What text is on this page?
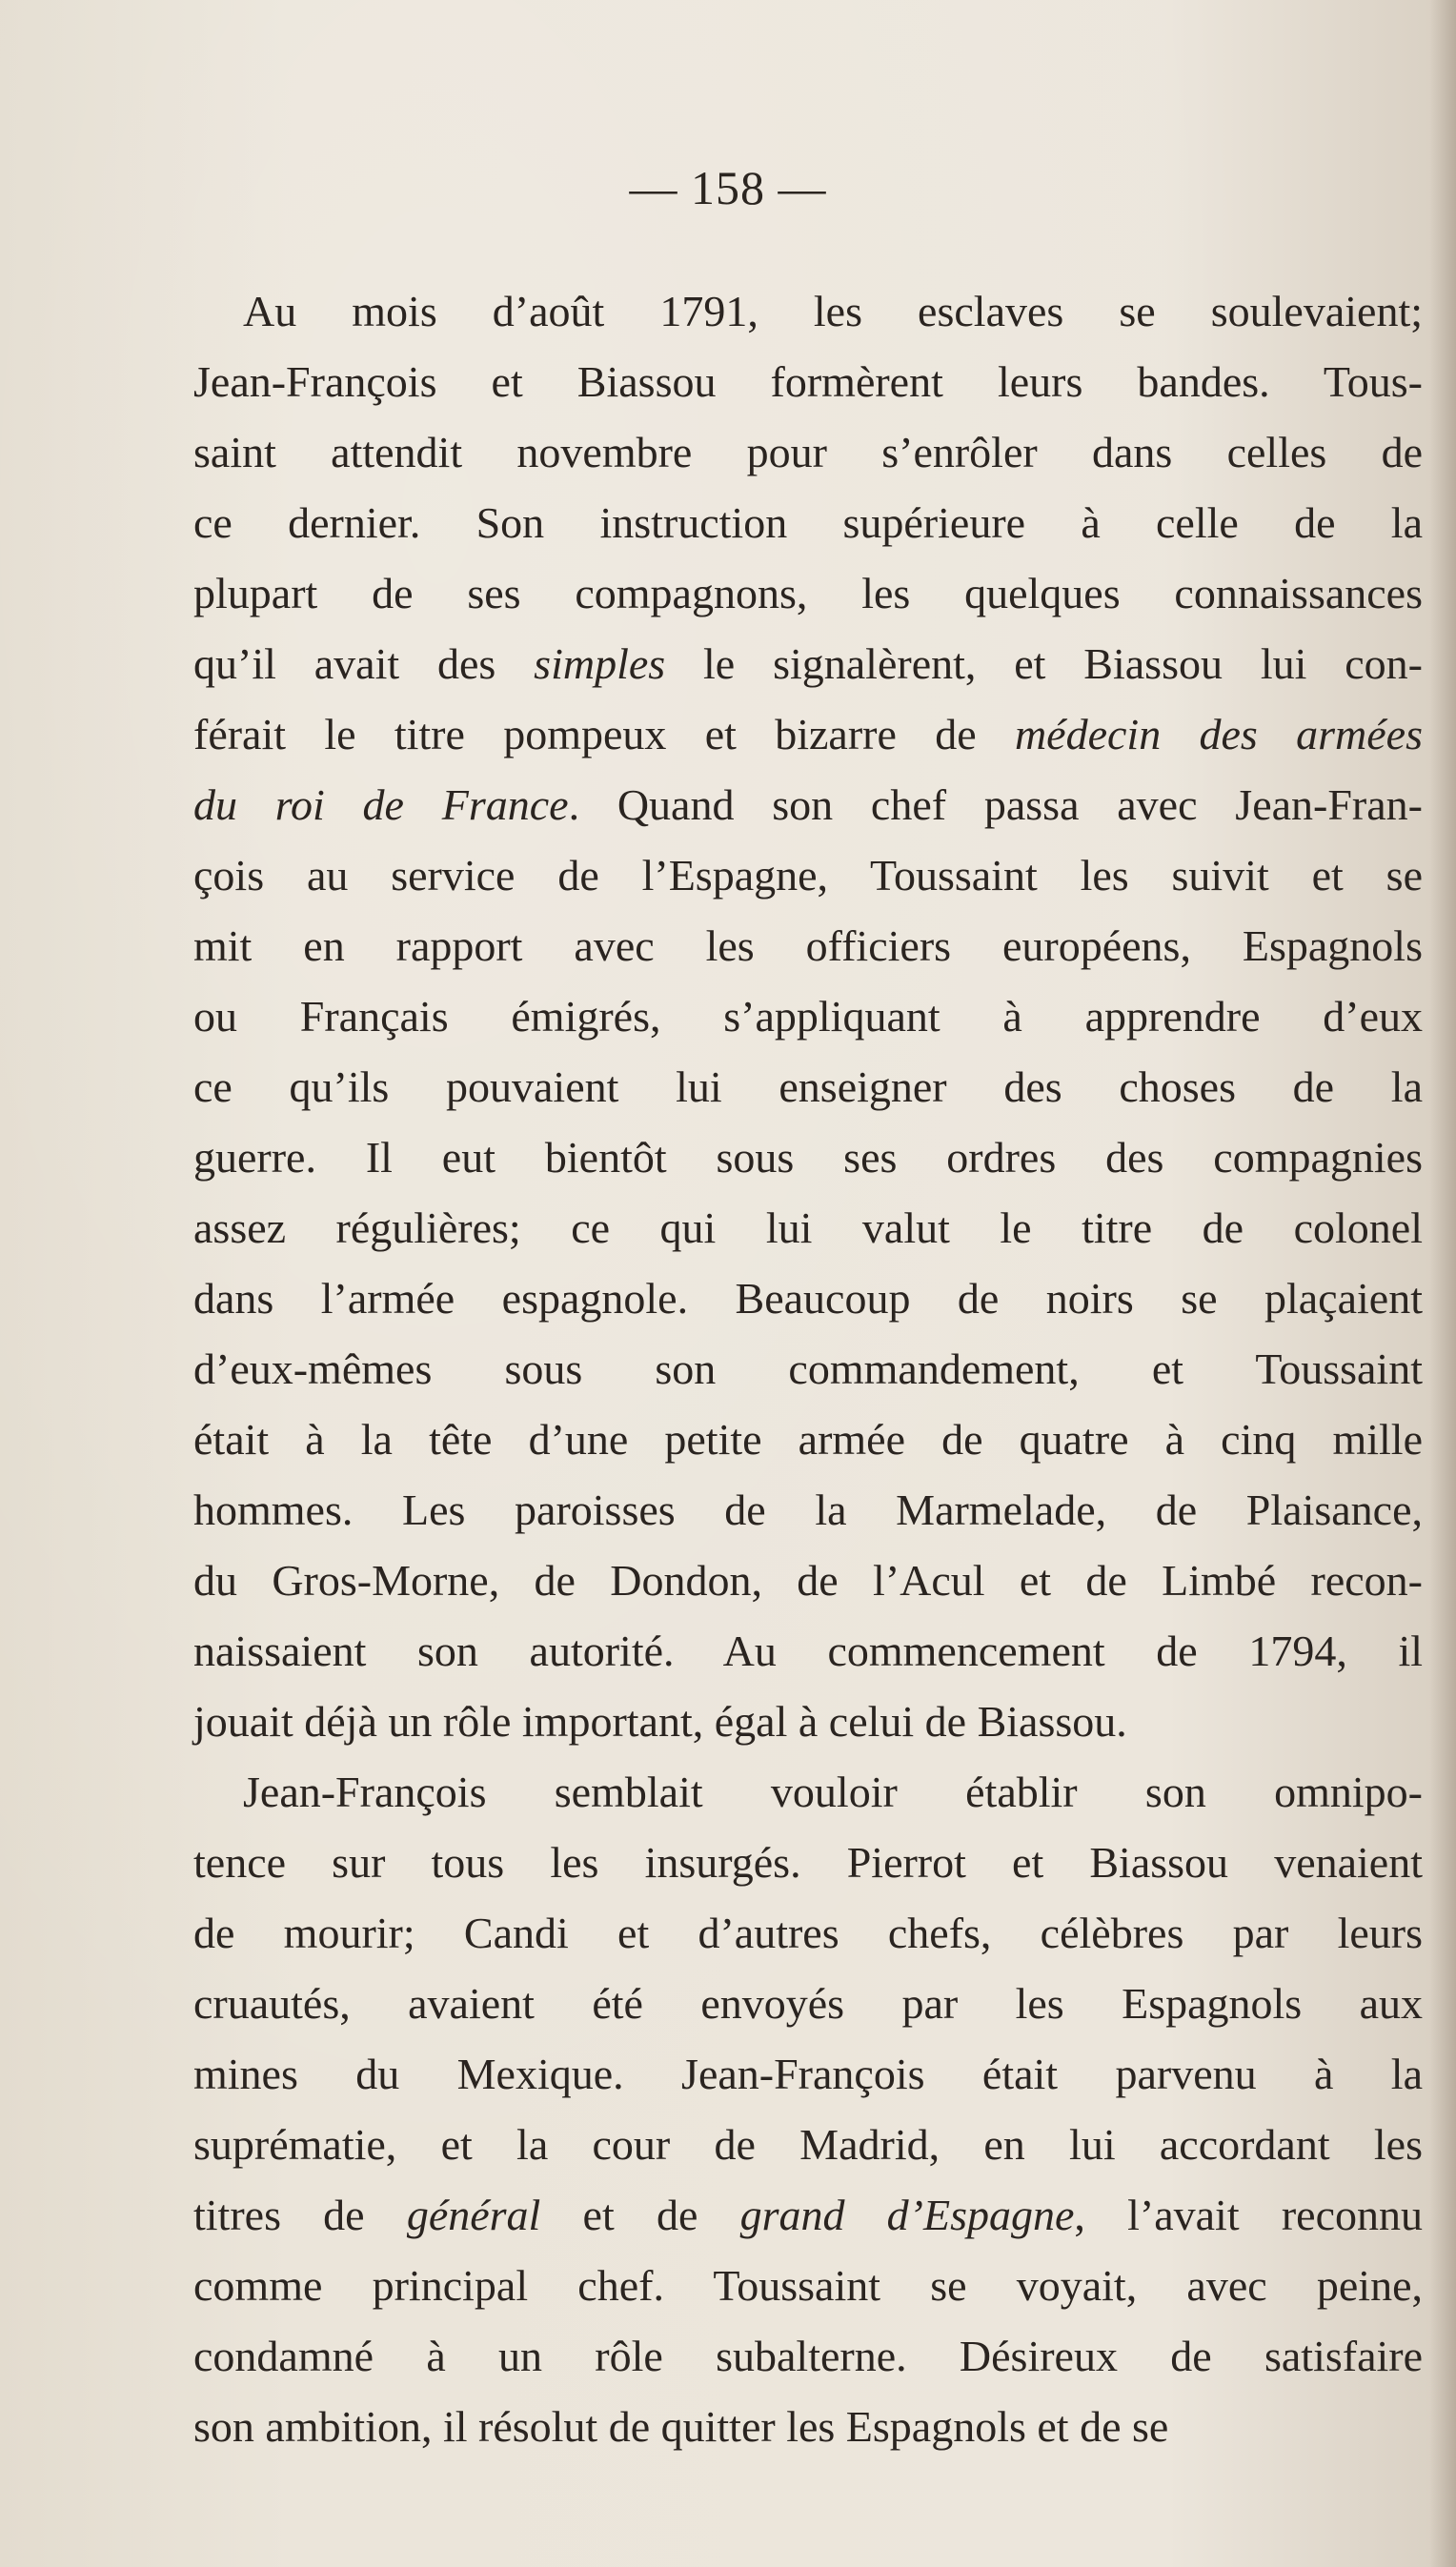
— 158 —
Au mois d’août 1791, les esclaves se soulevaient;
Jean-François et Biassou formèrent leurs bandes. Tous-
saint attendit novembre pour s’enrôler dans celles de
ce dernier. Son instruction supérieure à celle de la
plupart de ses compagnons, les quelques connaissances
qu’il avait des simples le signalèrent, et Biassou lui con-
férait le titre pompeux et bizarre de médecin des armées
du roi de France. Quand son chef passa avec Jean-Fran-
çois au service de l’Espagne, Toussaint les suivit et se
mit en rapport avec les officiers européens, Espagnols
ou Français émigrés, s’appliquant à apprendre d’eux
ce qu’ils pouvaient lui enseigner des choses de la
guerre. Il eut bientôt sous ses ordres des compagnies
assez régulières; ce qui lui valut le titre de colonel
dans l’armée espagnole. Beaucoup de noirs se plaçaient
d’eux-mêmes sous son commandement, et Toussaint
était à la tête d’une petite armée de quatre à cinq mille
hommes. Les paroisses de la Marmelade, de Plaisance,
du Gros-Morne, de Dondon, de l’Acul et de Limbé recon-
naissaient son autorité. Au commencement de 1794, il
jouait déjà un rôle important, égal à celui de Biassou.
Jean-François semblait vouloir établir son omnipo-
tence sur tous les insurgés. Pierrot et Biassou venaient
de mourir; Candi et d’autres chefs, célèbres par leurs
cruautés, avaient été envoyés par les Espagnols aux
mines du Mexique. Jean-François était parvenu à la
suprématie, et la cour de Madrid, en lui accordant les
titres de général et de grand d’Espagne, l’avait reconnu
comme principal chef. Toussaint se voyait, avec peine,
condamné à un rôle subalterne. Désireux de satisfaire
son ambition, il résolut de quitter les Espagnols et de se
